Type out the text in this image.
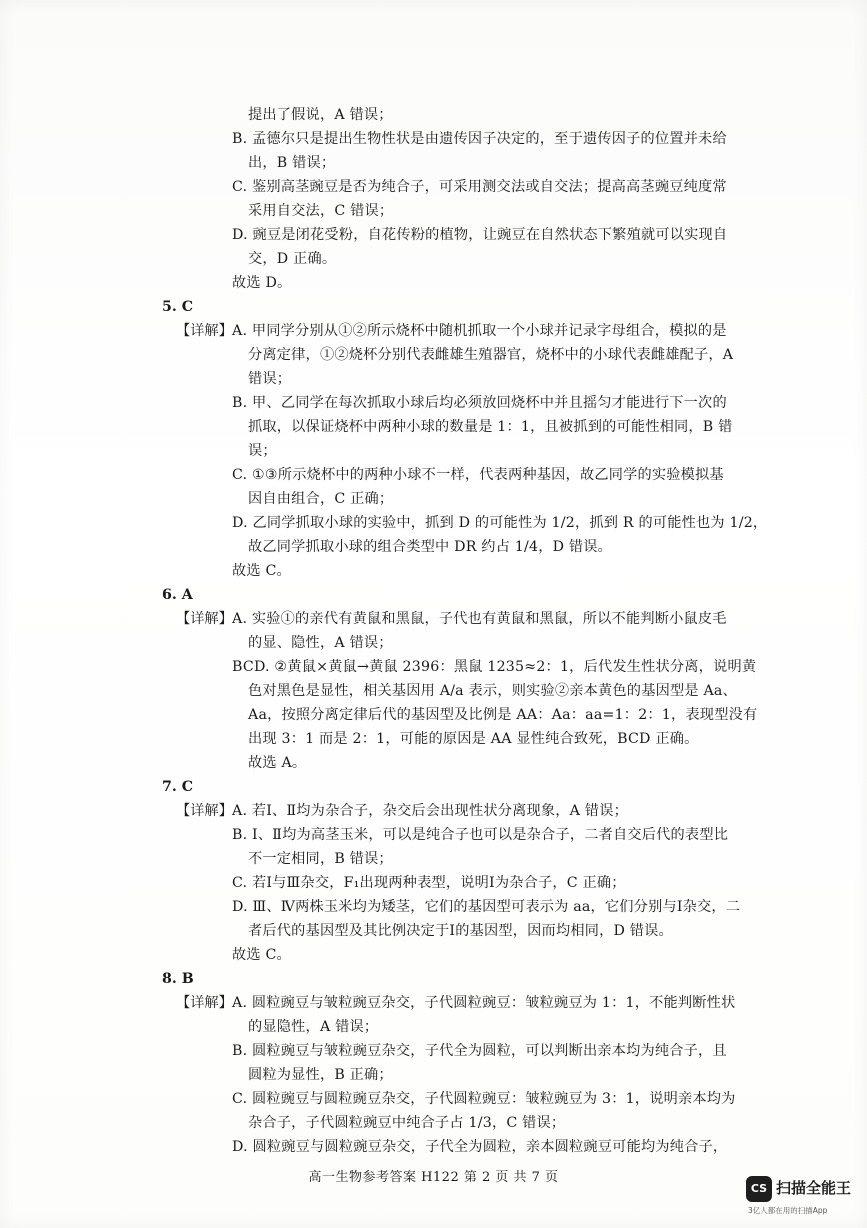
提出了假说，A 错误；
B. 孟德尔只是提出生物性状是由遗传因子决定的，至于遗传因子的位置并未给
出，B 错误；
C. 鉴别高茎豌豆是否为纯合子，可采用测交法或自交法；提高高茎豌豆纯度常
采用自交法，C 错误；
D. 豌豆是闭花受粉，自花传粉的植物，让豌豆在自然状态下繁殖就可以实现自
交，D 正确。
故选 D。
5. C
【详解】 A. 甲同学分别从①②所示烧杯中随机抓取一个小球并记录字母组合，模拟的是
分离定律，①②烧杯分别代表雌雄生殖器官，烧杯中的小球代表雌雄配子，A
错误；
B. 甲、乙同学在每次抓取小球后均必须放回烧杯中并且摇匀才能进行下一次的
抓取，以保证烧杯中两种小球的数量是 1：1，且被抓到的可能性相同，B 错
误；
C. ①③所示烧杯中的两种小球不一样，代表两种基因，故乙同学的实验模拟基
因自由组合，C 正确；
D. 乙同学抓取小球的实验中，抓到 D 的可能性为 1/2，抓到 R 的可能性也为 1/2，
故乙同学抓取小球的组合类型中 DR 约占 1/4，D 错误。
故选 C。
6. A
【详解】 A. 实验①的亲代有黄鼠和黑鼠，子代也有黄鼠和黑鼠，所以不能判断小鼠皮毛
的显、隐性，A 错误；
BCD. ②黄鼠×黄鼠→黄鼠 2396：黑鼠 1235≈2：1，后代发生性状分离，说明黄
色对黑色是显性，相关基因用 A/a 表示，则实验②亲本黄色的基因型是 Aa、
Aa，按照分离定律后代的基因型及比例是 AA：Aa：aa=1：2：1，表现型没有
出现 3：1 而是 2：1，可能的原因是 AA 显性纯合致死，BCD 正确。
故选 A。
7. C
【详解】 A. 若Ⅰ、Ⅱ均为杂合子，杂交后会出现性状分离现象，A 错误；
B. Ⅰ、Ⅱ均为高茎玉米，可以是纯合子也可以是杂合子，二者自交后代的表型比
不一定相同，B 错误；
C. 若Ⅰ与Ⅲ杂交，F₁出现两种表型，说明Ⅰ为杂合子，C 正确；
D. Ⅲ、Ⅳ两株玉米均为矮茎，它们的基因型可表示为 aa，它们分别与Ⅰ杂交，二
者后代的基因型及其比例决定于Ⅰ的基因型，因而均相同，D 错误。
故选 C。
8. B
【详解】 A. 圆粒豌豆与皱粒豌豆杂交，子代圆粒豌豆：皱粒豌豆为 1：1，不能判断性状
的显隐性，A 错误；
B. 圆粒豌豆与皱粒豌豆杂交，子代全为圆粒，可以判断出亲本均为纯合子，且
圆粒为显性，B 正确；
C. 圆粒豌豆与圆粒豌豆杂交，子代圆粒豌豆：皱粒豌豆为 3：1，说明亲本均为
杂合子，子代圆粒豌豆中纯合子占 1/3，C 错误；
D. 圆粒豌豆与圆粒豌豆杂交，子代全为圆粒，亲本圆粒豌豆可能均为纯合子，
高一生物参考答案 H122 第 2 页 共 7 页
CS 扫描全能王
3亿人都在用的扫描App
